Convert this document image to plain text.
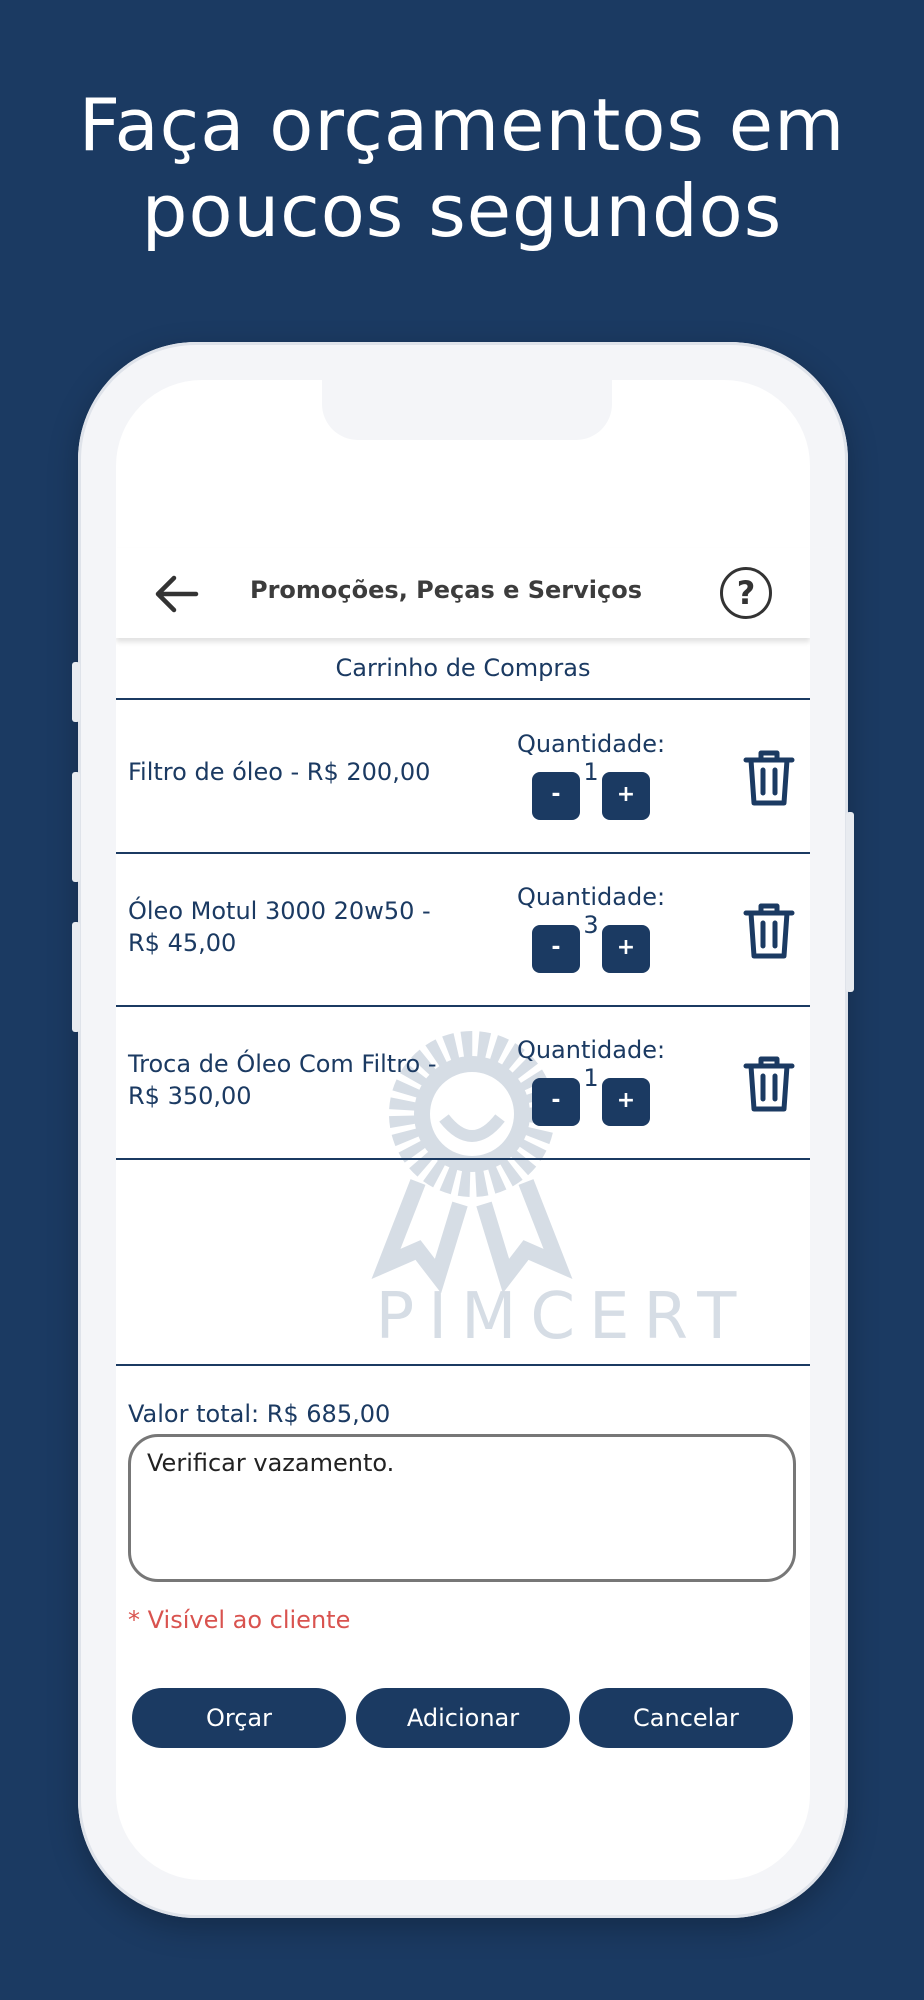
Faça orçamentos em
poucos segundos
PIMCERT
Promoções, Peças e Serviços	?
Carrinho de Compras
Filtro de óleo - R$ 200,00
Quantidade: 1
-	+
Óleo Motul 3000 20w50 - R$ 45,00
Quantidade: 3
-	+
Troca de Óleo Com Filtro - R$ 350,00
Quantidade: 1
-	+
Valor total: R$ 685,00
Verificar vazamento.
* Visível ao cliente
Orçar	Adicionar	Cancelar
